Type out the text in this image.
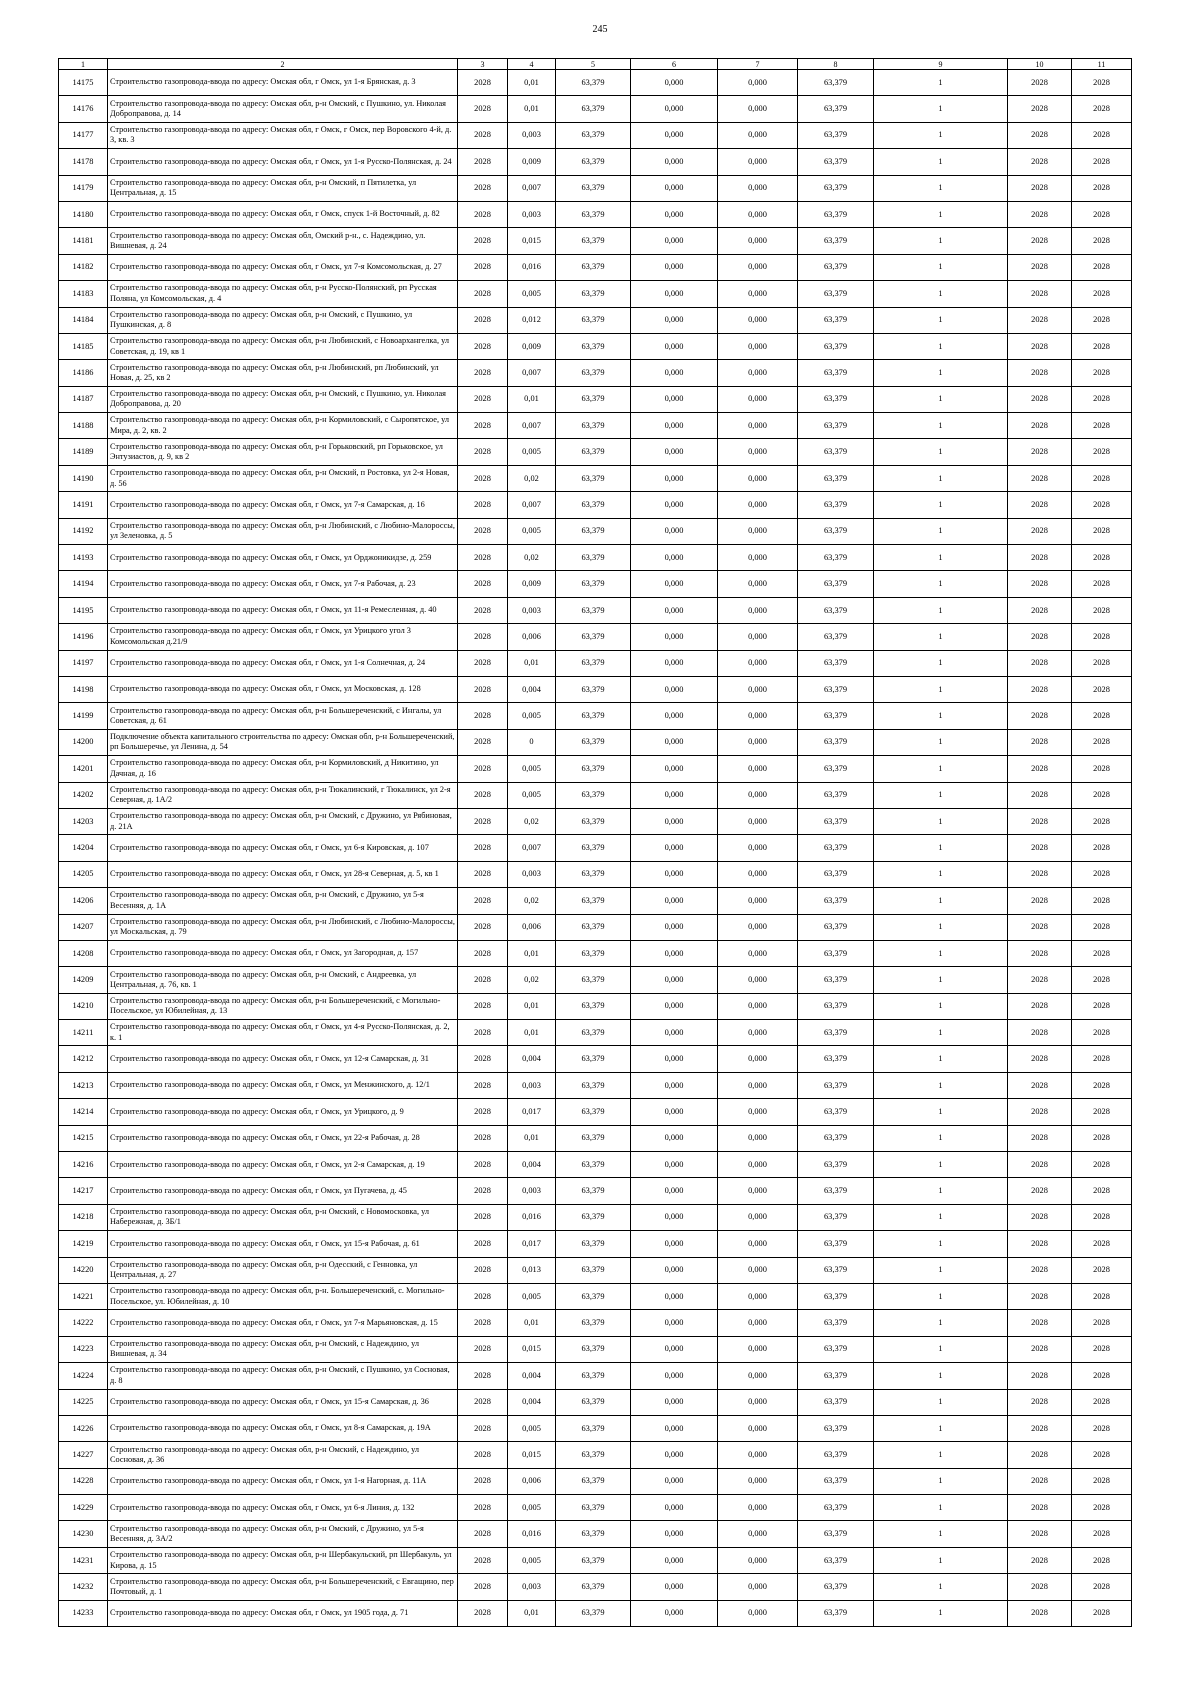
245
1	2	3	4	5	6	7	8	9	10	11
14175	Строительство газопровода-ввода по адресу: Омская обл, г Омск, ул 1-я Брянская, д. 3	2028	0,01	63,379	0,000	0,000	63,379	1	2028	2028
14176	Строительство газопровода-ввода по адресу: Омская обл, р-н Омский, с Пушкино, ул. Николая Доброправова, д. 14	2028	0,01	63,379	0,000	0,000	63,379	1	2028	2028
14177	Строительство газопровода-ввода по адресу: Омская обл, г Омск, г Омск, пер Воровского 4-й, д. 3, кв. 3	2028	0,003	63,379	0,000	0,000	63,379	1	2028	2028
14178	Строительство газопровода-ввода по адресу: Омская обл, г Омск, ул 1-я Русско-Полянская, д. 24	2028	0,009	63,379	0,000	0,000	63,379	1	2028	2028
14179	Строительство газопровода-ввода по адресу: Омская обл, р-н Омский, п Пятилетка, ул Центральная, д. 15	2028	0,007	63,379	0,000	0,000	63,379	1	2028	2028
14180	Строительство газопровода-ввода по адресу: Омская обл, г Омск, спуск 1-й Восточный, д. 82	2028	0,003	63,379	0,000	0,000	63,379	1	2028	2028
14181	Строительство газопровода-ввода по адресу: Омская обл, Омский р-н., с. Надеждино, ул. Вишневая, д. 24	2028	0,015	63,379	0,000	0,000	63,379	1	2028	2028
14182	Строительство газопровода-ввода по адресу: Омская обл, г Омск, ул 7-я Комсомольская, д. 27	2028	0,016	63,379	0,000	0,000	63,379	1	2028	2028
14183	Строительство газопровода-ввода по адресу: Омская обл, р-н Русско-Полянский, рп Русская Поляна, ул Комсомольская, д. 4	2028	0,005	63,379	0,000	0,000	63,379	1	2028	2028
14184	Строительство газопровода-ввода по адресу: Омская обл, р-н Омский, с Пушкино, ул Пушкинская, д. 8	2028	0,012	63,379	0,000	0,000	63,379	1	2028	2028
14185	Строительство газопровода-ввода по адресу: Омская обл, р-н Любинский, с Новоархангелка, ул Советская, д. 19, кв 1	2028	0,009	63,379	0,000	0,000	63,379	1	2028	2028
14186	Строительство газопровода-ввода по адресу: Омская обл, р-н Любинский, рп Любинский, ул Новая, д. 25, кв 2	2028	0,007	63,379	0,000	0,000	63,379	1	2028	2028
14187	Строительство газопровода-ввода по адресу: Омская обл, р-н Омский, с Пушкино, ул. Николая Доброправова, д. 20	2028	0,01	63,379	0,000	0,000	63,379	1	2028	2028
14188	Строительство газопровода-ввода по адресу: Омская обл, р-н Кормиловский, с Сыропятское, ул Мира, д. 2, кв. 2	2028	0,007	63,379	0,000	0,000	63,379	1	2028	2028
14189	Строительство газопровода-ввода по адресу: Омская обл, р-н Горьковский, рп Горьковское, ул Энтузиастов, д. 9, кв 2	2028	0,005	63,379	0,000	0,000	63,379	1	2028	2028
14190	Строительство газопровода-ввода по адресу: Омская обл, р-н Омский, п Ростовка, ул 2-я Новая, д. 56	2028	0,02	63,379	0,000	0,000	63,379	1	2028	2028
14191	Строительство газопровода-ввода по адресу: Омская обл, г Омск, ул 7-я Самарская, д. 16	2028	0,007	63,379	0,000	0,000	63,379	1	2028	2028
14192	Строительство газопровода-ввода по адресу: Омская обл, р-н Любинский, с Любино-Малороссы, ул Зеленовка, д. 5	2028	0,005	63,379	0,000	0,000	63,379	1	2028	2028
14193	Строительство газопровода-ввода по адресу: Омская обл, г Омск, ул Орджоникидзе, д. 259	2028	0,02	63,379	0,000	0,000	63,379	1	2028	2028
14194	Строительство газопровода-ввода по адресу: Омская обл, г Омск, ул 7-я Рабочая, д. 23	2028	0,009	63,379	0,000	0,000	63,379	1	2028	2028
14195	Строительство газопровода-ввода по адресу: Омская обл, г Омск, ул 11-я Ремесленная, д. 40	2028	0,003	63,379	0,000	0,000	63,379	1	2028	2028
14196	Строительство газопровода-ввода по адресу: Омская обл, г Омск, ул Урицкого угол 3 Комсомольская д.21/9	2028	0,006	63,379	0,000	0,000	63,379	1	2028	2028
14197	Строительство газопровода-ввода по адресу: Омская обл, г Омск, ул 1-я Солнечная, д. 24	2028	0,01	63,379	0,000	0,000	63,379	1	2028	2028
14198	Строительство газопровода-ввода по адресу: Омская обл, г Омск, ул Московская, д. 128	2028	0,004	63,379	0,000	0,000	63,379	1	2028	2028
14199	Строительство газопровода-ввода по адресу: Омская обл, р-н Большереченский, с Ингалы, ул Советская, д. 61	2028	0,005	63,379	0,000	0,000	63,379	1	2028	2028
14200	Подключение объекта капитального строительства по адресу: Омская обл, р-н Большереченский, рп Большеречье, ул Ленина, д. 54	2028	0	63,379	0,000	0,000	63,379	1	2028	2028
14201	Строительство газопровода-ввода по адресу: Омская обл, р-н Кормиловский, д Никитино, ул Дачная, д. 16	2028	0,005	63,379	0,000	0,000	63,379	1	2028	2028
14202	Строительство газопровода-ввода по адресу: Омская обл, р-н Тюкалинский, г Тюкалинск, ул 2-я Северная, д. 1А/2	2028	0,005	63,379	0,000	0,000	63,379	1	2028	2028
14203	Строительство газопровода-ввода по адресу: Омская обл, р-н Омский, с Дружино, ул Рябиновая, д. 21А	2028	0,02	63,379	0,000	0,000	63,379	1	2028	2028
14204	Строительство газопровода-ввода по адресу: Омская обл, г Омск, ул 6-я Кировская, д. 107	2028	0,007	63,379	0,000	0,000	63,379	1	2028	2028
14205	Строительство газопровода-ввода по адресу: Омская обл, г Омск, ул 28-я Северная, д. 5, кв 1	2028	0,003	63,379	0,000	0,000	63,379	1	2028	2028
14206	Строительство газопровода-ввода по адресу: Омская обл, р-н Омский, с Дружино, ул 5-я Весенняя, д. 1А	2028	0,02	63,379	0,000	0,000	63,379	1	2028	2028
14207	Строительство газопровода-ввода по адресу: Омская обл, р-н Любинский, с Любино-Малороссы, ул Москальская, д. 79	2028	0,006	63,379	0,000	0,000	63,379	1	2028	2028
14208	Строительство газопровода-ввода по адресу: Омская обл, г Омск, ул Загородная, д. 157	2028	0,01	63,379	0,000	0,000	63,379	1	2028	2028
14209	Строительство газопровода-ввода по адресу: Омская обл, р-н Омский, с Андреевка, ул Центральная, д. 76, кв. 1	2028	0,02	63,379	0,000	0,000	63,379	1	2028	2028
14210	Строительство газопровода-ввода по адресу: Омская обл, р-н Большереченский, с Могильно-Посельское, ул Юбилейная, д. 13	2028	0,01	63,379	0,000	0,000	63,379	1	2028	2028
14211	Строительство газопровода-ввода по адресу: Омская обл, г Омск, ул 4-я Русско-Полянская, д. 2, к. 1	2028	0,01	63,379	0,000	0,000	63,379	1	2028	2028
14212	Строительство газопровода-ввода по адресу: Омская обл, г Омск, ул 12-я Самарская, д. 31	2028	0,004	63,379	0,000	0,000	63,379	1	2028	2028
14213	Строительство газопровода-ввода по адресу: Омская обл, г Омск, ул Менжинского, д. 12/1	2028	0,003	63,379	0,000	0,000	63,379	1	2028	2028
14214	Строительство газопровода-ввода по адресу: Омская обл, г Омск, ул Урицкого, д. 9	2028	0,017	63,379	0,000	0,000	63,379	1	2028	2028
14215	Строительство газопровода-ввода по адресу: Омская обл, г Омск, ул 22-я Рабочая, д. 28	2028	0,01	63,379	0,000	0,000	63,379	1	2028	2028
14216	Строительство газопровода-ввода по адресу: Омская обл, г Омск, ул 2-я Самарская, д. 19	2028	0,004	63,379	0,000	0,000	63,379	1	2028	2028
14217	Строительство газопровода-ввода по адресу: Омская обл, г Омск, ул Пугачева, д. 45	2028	0,003	63,379	0,000	0,000	63,379	1	2028	2028
14218	Строительство газопровода-ввода по адресу: Омская обл, р-н Омский, с Новомосковка, ул Набережная, д. 3Б/1	2028	0,016	63,379	0,000	0,000	63,379	1	2028	2028
14219	Строительство газопровода-ввода по адресу: Омская обл, г Омск, ул 15-я Рабочая, д. 61	2028	0,017	63,379	0,000	0,000	63,379	1	2028	2028
14220	Строительство газопровода-ввода по адресу: Омская обл, р-н Одесский, с Генновка, ул Центральная, д. 27	2028	0,013	63,379	0,000	0,000	63,379	1	2028	2028
14221	Строительство газопровода-ввода по адресу: Омская обл, р-н. Большереченский, с. Могильно-Посельское, ул. Юбилейная, д. 10	2028	0,005	63,379	0,000	0,000	63,379	1	2028	2028
14222	Строительство газопровода-ввода по адресу: Омская обл, г Омск, ул 7-я Марьяновская, д. 15	2028	0,01	63,379	0,000	0,000	63,379	1	2028	2028
14223	Строительство газопровода-ввода по адресу: Омская обл, р-н Омский, с Надеждино, ул Вишневая, д. 34	2028	0,015	63,379	0,000	0,000	63,379	1	2028	2028
14224	Строительство газопровода-ввода по адресу: Омская обл, р-н Омский, с Пушкино, ул Сосновая, д. 8	2028	0,004	63,379	0,000	0,000	63,379	1	2028	2028
14225	Строительство газопровода-ввода по адресу: Омская обл, г Омск, ул 15-я Самарская, д. 36	2028	0,004	63,379	0,000	0,000	63,379	1	2028	2028
14226	Строительство газопровода-ввода по адресу: Омская обл, г Омск, ул 8-я Самарская, д. 19А	2028	0,005	63,379	0,000	0,000	63,379	1	2028	2028
14227	Строительство газопровода-ввода по адресу: Омская обл, р-н Омский, с Надеждино, ул Сосновая, д. 36	2028	0,015	63,379	0,000	0,000	63,379	1	2028	2028
14228	Строительство газопровода-ввода по адресу: Омская обл, г Омск, ул 1-я Нагорная, д. 11А	2028	0,006	63,379	0,000	0,000	63,379	1	2028	2028
14229	Строительство газопровода-ввода по адресу: Омская обл, г Омск, ул 6-я Линия, д. 132	2028	0,005	63,379	0,000	0,000	63,379	1	2028	2028
14230	Строительство газопровода-ввода по адресу: Омская обл, р-н Омский, с Дружино, ул 5-я Весенняя, д. 3А/2	2028	0,016	63,379	0,000	0,000	63,379	1	2028	2028
14231	Строительство газопровода-ввода по адресу: Омская обл, р-н Шербакульский, рп Шербакуль, ул Кирова, д. 15	2028	0,005	63,379	0,000	0,000	63,379	1	2028	2028
14232	Строительство газопровода-ввода по адресу: Омская обл, р-н Большереченский, с Евгащино, пер Почтовый, д. 1	2028	0,003	63,379	0,000	0,000	63,379	1	2028	2028
14233	Строительство газопровода-ввода по адресу: Омская обл, г Омск, ул 1905 года, д. 71	2028	0,01	63,379	0,000	0,000	63,379	1	2028	2028
